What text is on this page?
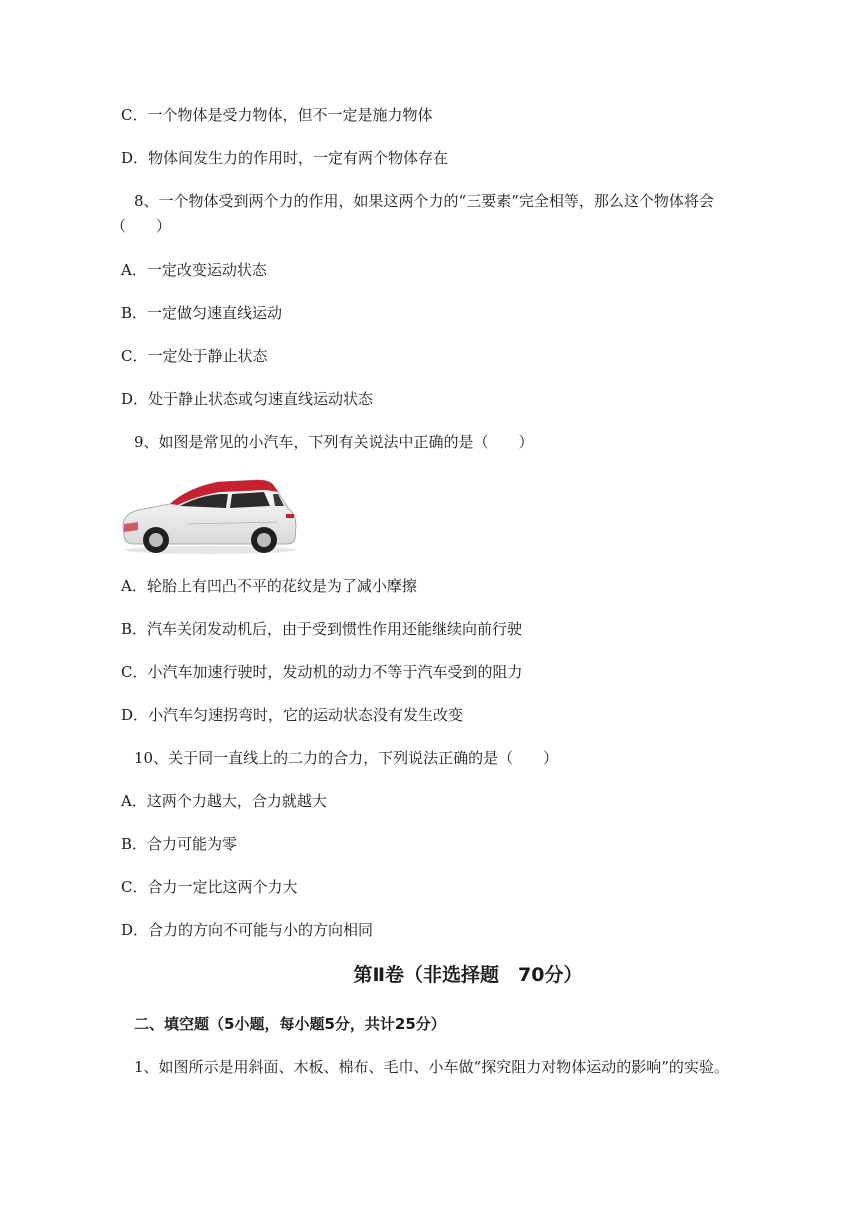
C．一个物体是受力物体，但不一定是施力物体
D．物体间发生力的作用时，一定有两个物体存在
8、一个物体受到两个力的作用，如果这两个力的“三要素”完全相等，那么这个物体将会
（　　）
A．一定改变运动状态
B．一定做匀速直线运动
C．一定处于静止状态
D．处于静止状态或匀速直线运动状态
9、如图是常见的小汽车，下列有关说法中正确的是（　　）
A．轮胎上有凹凸不平的花纹是为了减小摩擦
B．汽车关闭发动机后，由于受到惯性作用还能继续向前行驶
C．小汽车加速行驶时，发动机的动力不等于汽车受到的阻力
D．小汽车匀速拐弯时，它的运动状态没有发生改变
10、关于同一直线上的二力的合力，下列说法正确的是（　　）
A．这两个力越大，合力就越大
B．合力可能为零
C．合力一定比这两个力大
D．合力的方向不可能与小的方向相同
第Ⅱ卷（非选择题　70分）
二、填空题（5小题，每小题5分，共计25分）
1、如图所示是用斜面、木板、棉布、毛巾、小车做“探究阻力对物体运动的影响”的实验。
